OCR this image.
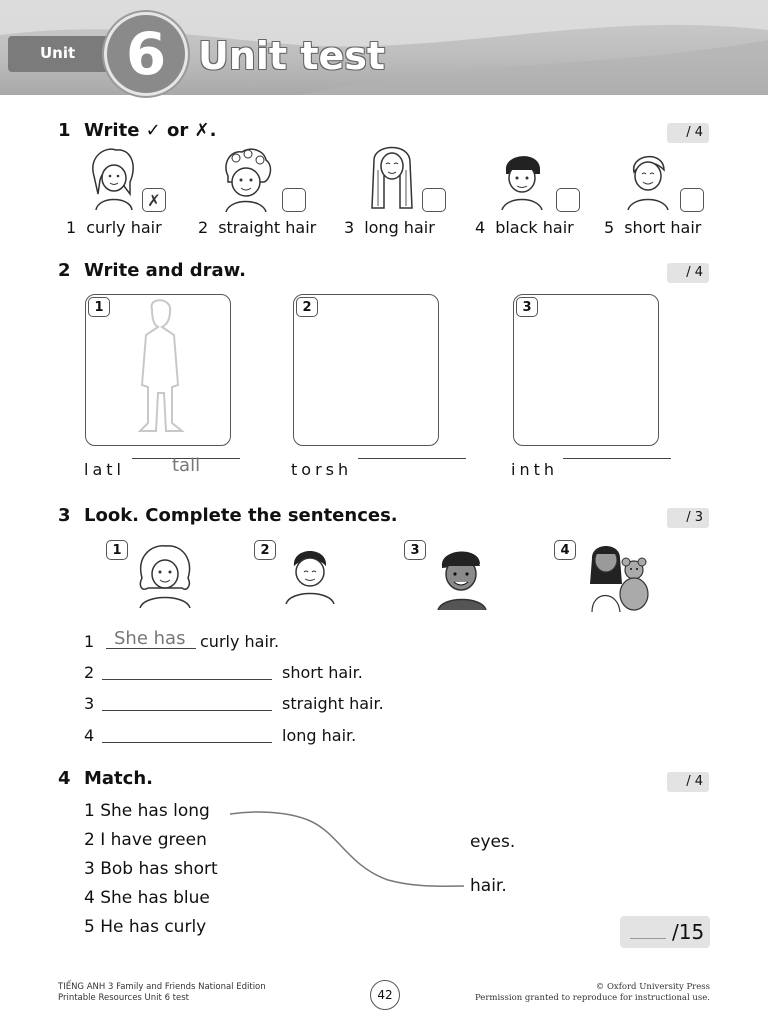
Unit 6 Unit test
1 Write ✓ or ✗.	/ 4
✗
1 curly hair 2 straight hair 3 long hair	4 black hair 5 short hair
2 Write and draw.	/ 4
1	2	3
latl	tall	torsh	inth
3 Look. Complete the sentences.	/ 3
1	2	3	4
1 She has curly hair.
2	short hair.
3	straight hair.
4	long hair.
4 Match.	/ 4
1 She has long
2 I have green
3 Bob has short
4 She has blue
5 He has curly
eyes.
hair.
/15
TIẾNG ANH 3 Family and Friends National Edition
Printable Resources Unit 6 test	42
© Oxford University Press
Permission granted to reproduce for instructional use.
